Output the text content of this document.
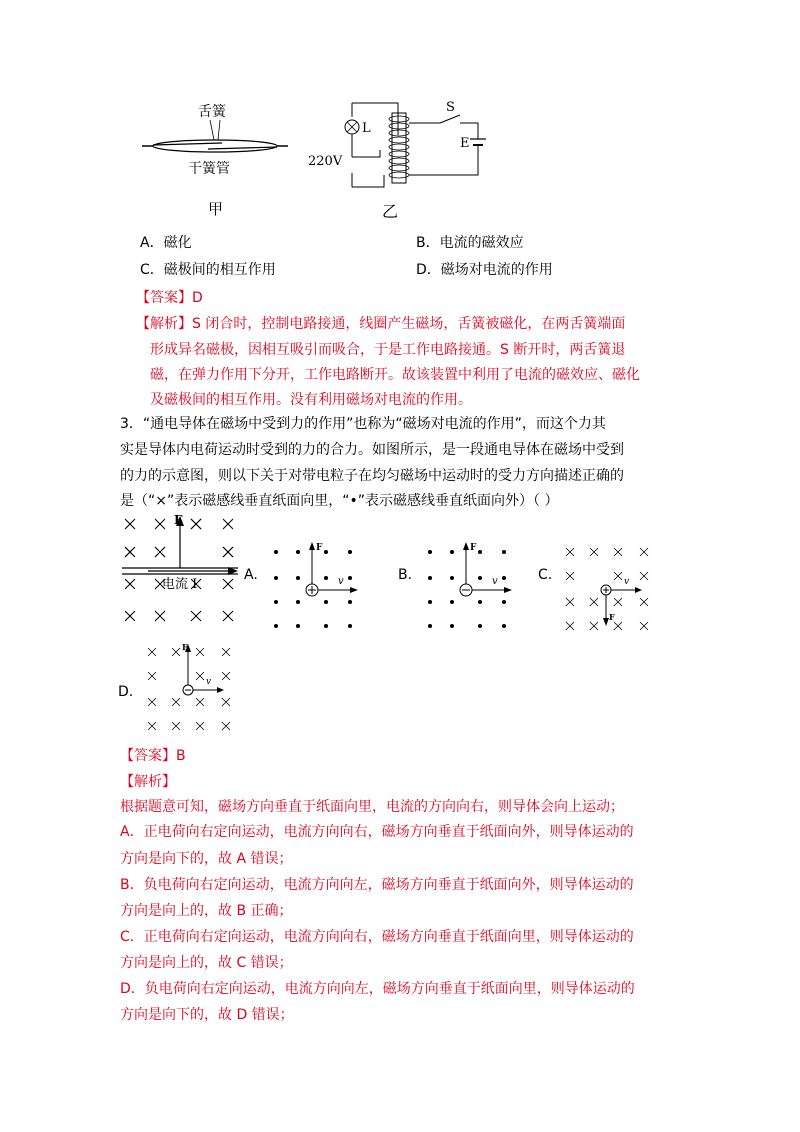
舌簧
干簧管
甲
L
220V
S
E
乙
A．磁化	B．电流的磁效应
C．磁极间的相互作用	D．磁场对电流的作用
【答案】D
【解析】S 闭合时，控制电路接通，线圈产生磁场，舌簧被磁化，在两舌簧端面
形成异名磁极，因相互吸引而吸合，于是工作电路接通。S 断开时，两舌簧退
磁，在弹力作用下分开，工作电路断开。故该装置中利用了电流的磁效应、磁化
及磁极间的相互作用。没有利用磁场对电流的作用。
3．“通电导体在磁场中受到力的作用”也称为“磁场对电流的作用”，而这个力其
实是导体内电荷运动时受到的力的合力。如图所示，是一段通电导体在磁场中受到
的力的示意图，则以下关于对带电粒子在均匀磁场中运动时的受力方向描述正确的
是（“×”表示磁感线垂直纸面向里，“•”表示磁感线垂直纸面向外）（ ）
F
电流 I
A.
F
v	B.
F
v	C.
F
v
D.
F
v
【答案】B
【解析】
根据题意可知，磁场方向垂直于纸面向里，电流的方向向右，则导体会向上运动；
A．正电荷向右定向运动，电流方向向右，磁场方向垂直于纸面向外，则导体运动的
方向是向下的，故 A 错误；
B．负电荷向右定向运动，电流方向向左，磁场方向垂直于纸面向外，则导体运动的
方向是向上的，故 B 正确；
C．正电荷向右定向运动，电流方向向右，磁场方向垂直于纸面向里，则导体运动的
方向是向上的，故 C 错误；
D．负电荷向右定向运动，电流方向向左，磁场方向垂直于纸面向里，则导体运动的
方向是向下的，故 D 错误；
